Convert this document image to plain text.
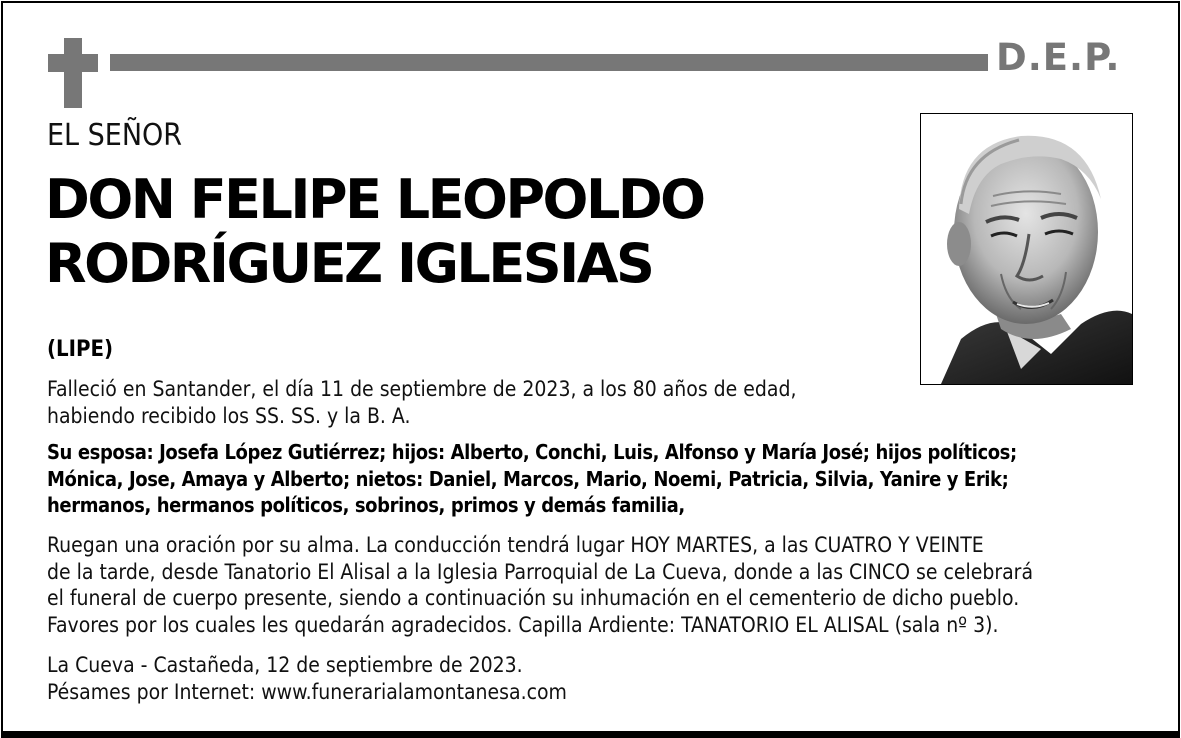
D.E.P.
EL SEÑOR
DON FELIPE LEOPOLDO
RODRÍGUEZ IGLESIAS
(LIPE)
Falleció en Santander, el día 11 de septiembre de 2023, a los 80 años de edad,
habiendo recibido los SS. SS. y la B. A.
Su esposa: Josefa López Gutiérrez; hijos: Alberto, Conchi, Luis, Alfonso y María José; hijos políticos;
Mónica, Jose, Amaya y Alberto; nietos: Daniel, Marcos, Mario, Noemi, Patricia, Silvia, Yanire y Erik;
hermanos, hermanos políticos, sobrinos, primos y demás familia,
Ruegan una oración por su alma. La conducción tendrá lugar HOY MARTES, a las CUATRO Y VEINTE
de la tarde, desde Tanatorio El Alisal a la Iglesia Parroquial de La Cueva, donde a las CINCO se celebrará
el funeral de cuerpo presente, siendo a continuación su inhumación en el cementerio de dicho pueblo.
Favores por los cuales les quedarán agradecidos. Capilla Ardiente: TANATORIO EL ALISAL (sala nº 3).
La Cueva - Castañeda, 12 de septiembre de 2023.
Pésames por Internet: www.funerarialamontanesa.com
